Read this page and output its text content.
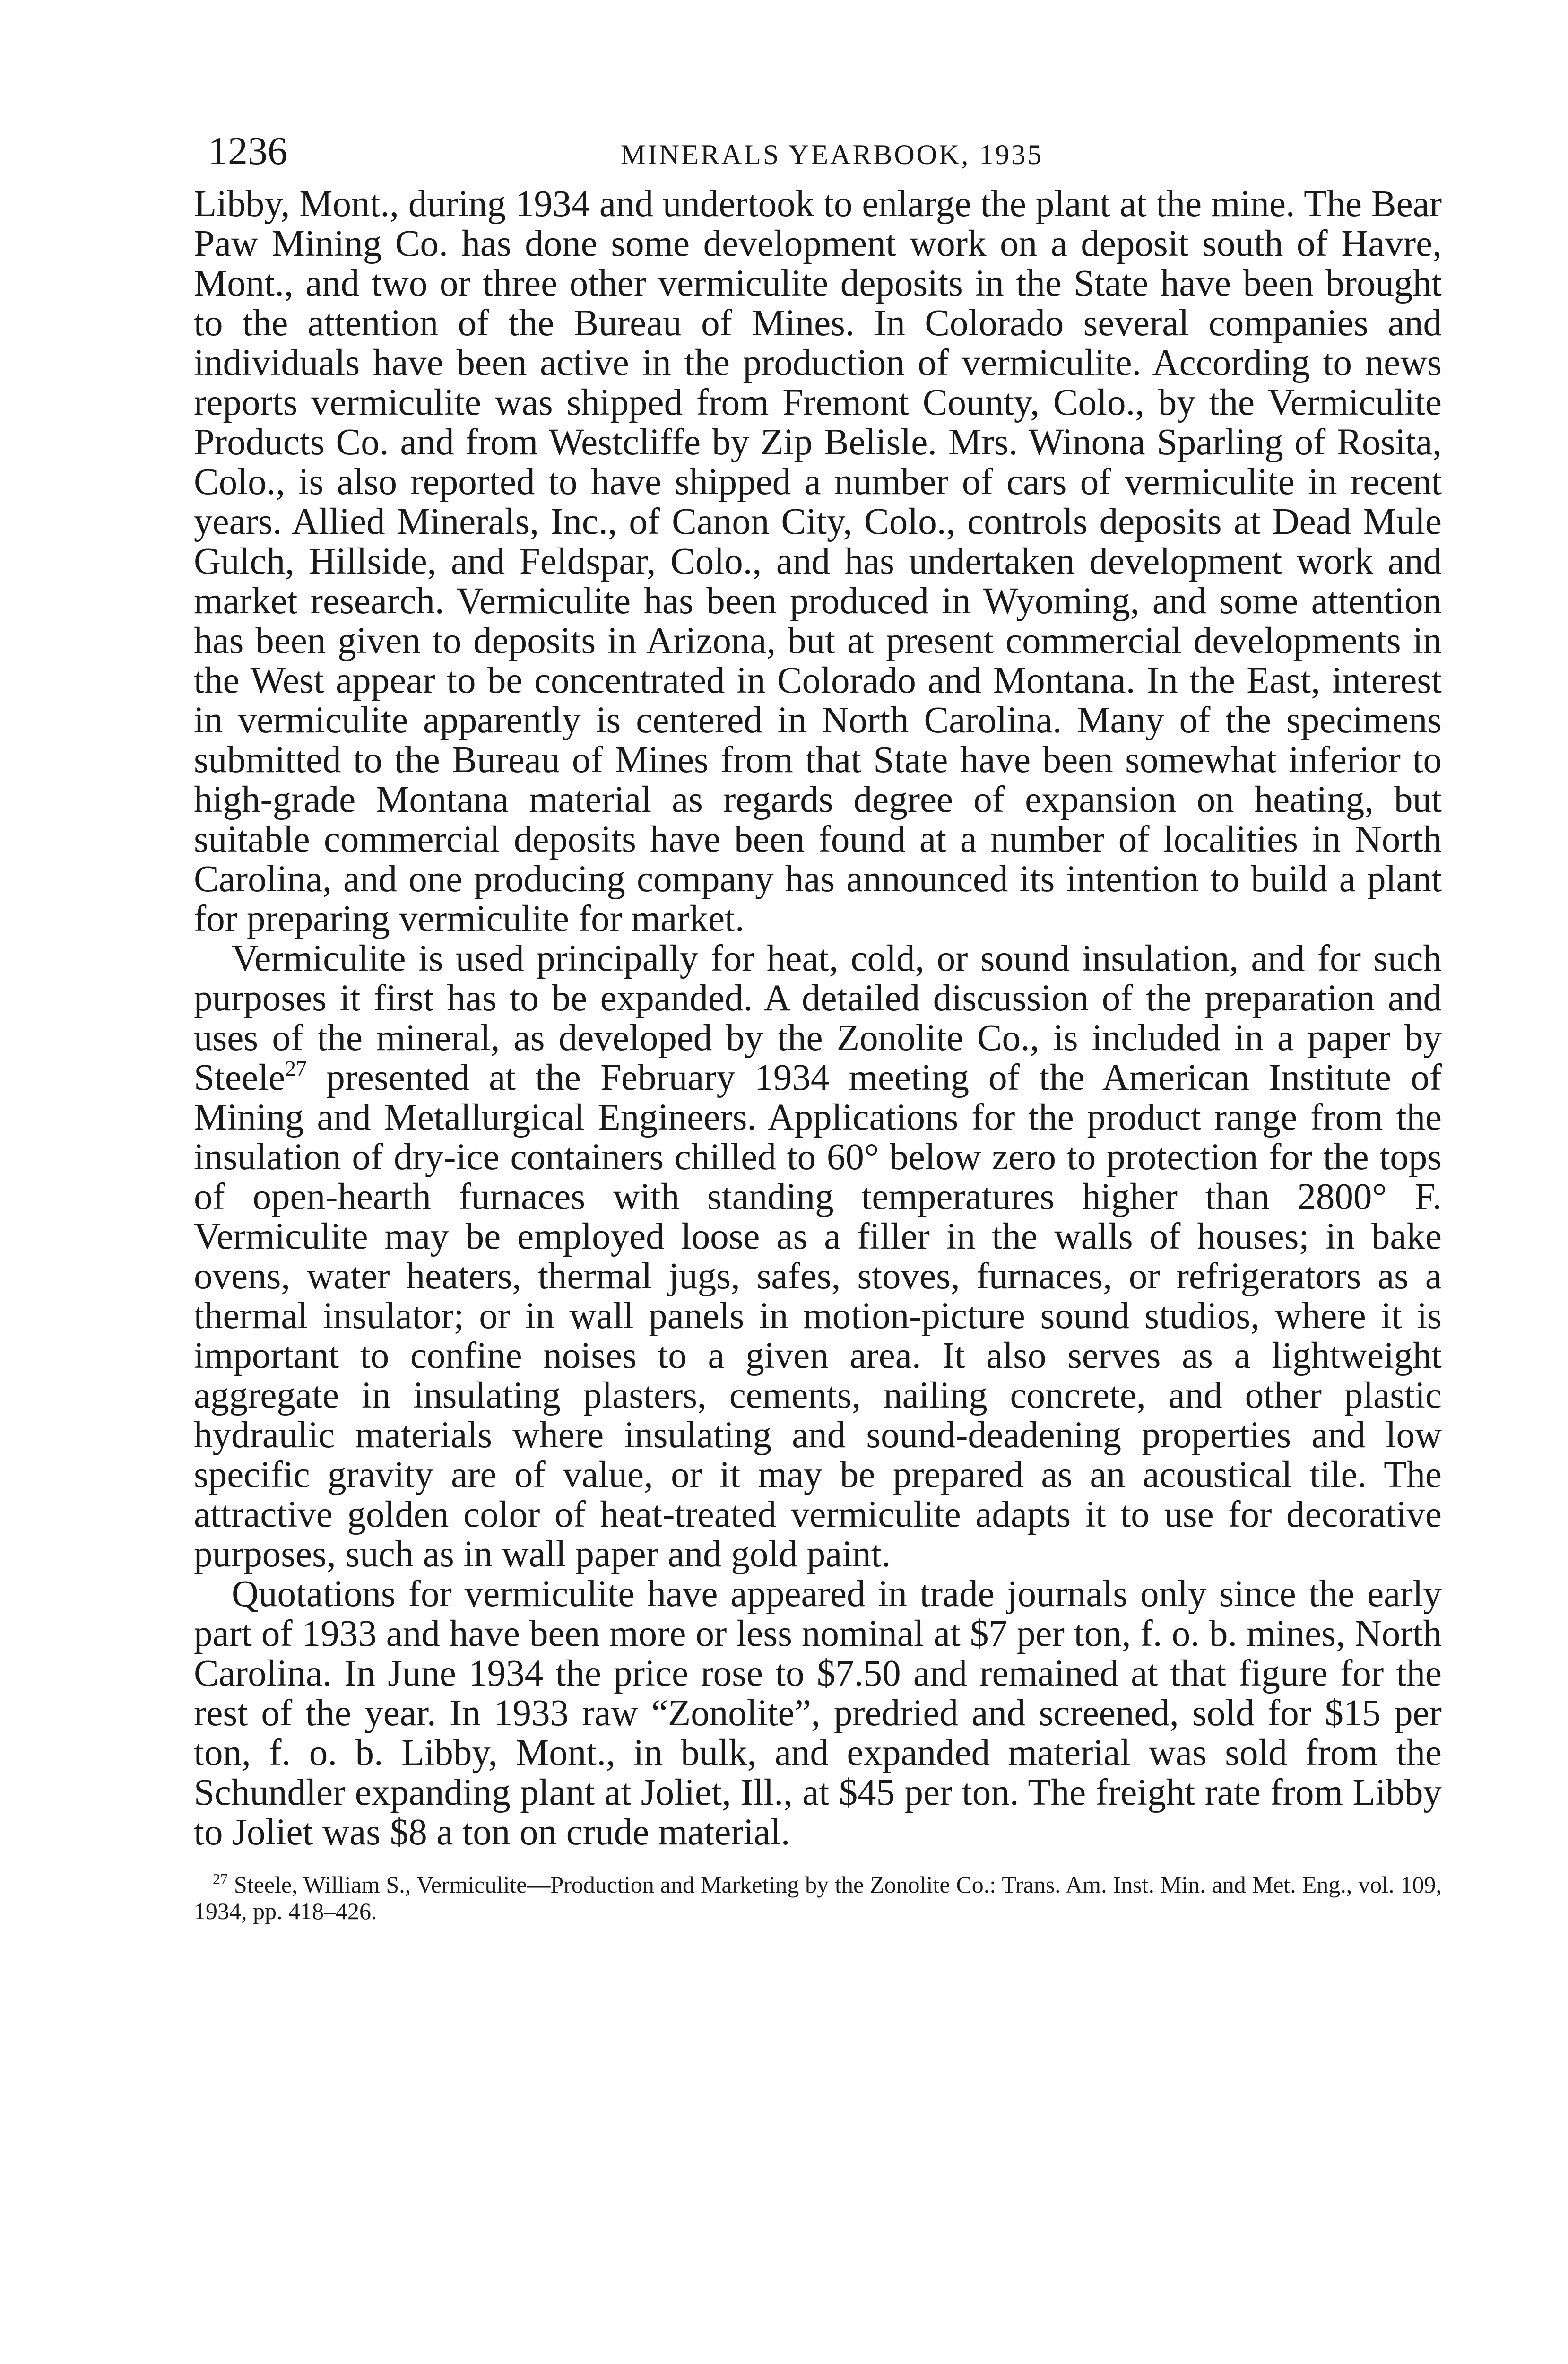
1236	MINERALS YEARBOOK, 1935

Libby, Mont., during 1934 and undertook to enlarge the plant at the mine. The Bear Paw Mining Co. has done some development work on a deposit south of Havre, Mont., and two or three other vermiculite deposits in the State have been brought to the attention of the Bureau of Mines. In Colorado several companies and individuals have been active in the production of vermiculite. According to news reports vermiculite was shipped from Fremont County, Colo., by the Vermiculite Products Co. and from Westcliffe by Zip Belisle. Mrs. Winona Sparling of Rosita, Colo., is also reported to have shipped a number of cars of vermiculite in recent years. Allied Minerals, Inc., of Canon City, Colo., controls deposits at Dead Mule Gulch, Hillside, and Feldspar, Colo., and has undertaken development work and market research. Vermiculite has been produced in Wyoming, and some attention has been given to deposits in Arizona, but at present commercial developments in the West appear to be concentrated in Colorado and Montana. In the East, interest in vermiculite apparently is centered in North Carolina. Many of the specimens submitted to the Bureau of Mines from that State have been somewhat inferior to high-grade Montana material as regards degree of expansion on heating, but suitable commercial deposits have been found at a number of localities in North Carolina, and one producing company has announced its intention to build a plant for preparing vermiculite for market.

Vermiculite is used principally for heat, cold, or sound insulation, and for such purposes it first has to be expanded. A detailed discussion of the preparation and uses of the mineral, as developed by the Zonolite Co., is included in a paper by Steele$^{27}$ presented at the February 1934 meeting of the American Institute of Mining and Metallurgical Engineers. Applications for the product range from the insulation of dry-ice containers chilled to 60° below zero to protection for the tops of open-hearth furnaces with standing temperatures higher than 2800° F. Vermiculite may be employed loose as a filler in the walls of houses; in bake ovens, water heaters, thermal jugs, safes, stoves, furnaces, or refrigerators as a thermal insulator; or in wall panels in motion-picture sound studios, where it is important to confine noises to a given area. It also serves as a lightweight aggregate in insulating plasters, cements, nailing concrete, and other plastic hydraulic materials where insulating and sound-deadening properties and low specific gravity are of value, or it may be prepared as an acoustical tile. The attractive golden color of heat-treated vermiculite adapts it to use for decorative purposes, such as in wall paper and gold paint.

Quotations for vermiculite have appeared in trade journals only since the early part of 1933 and have been more or less nominal at $7 per ton, f. o. b. mines, North Carolina. In June 1934 the price rose to $7.50 and remained at that figure for the rest of the year. In 1933 raw “Zonolite”, predried and screened, sold for $15 per ton, f. o. b. Libby, Mont., in bulk, and expanded material was sold from the Schundler expanding plant at Joliet, Ill., at $45 per ton. The freight rate from Libby to Joliet was $8 a ton on crude material.

$^{27}$ Steele, William S., Vermiculite—Production and Marketing by the Zonolite Co.: Trans. Am. Inst. Min. and Met. Eng., vol. 109, 1934, pp. 418–426.
